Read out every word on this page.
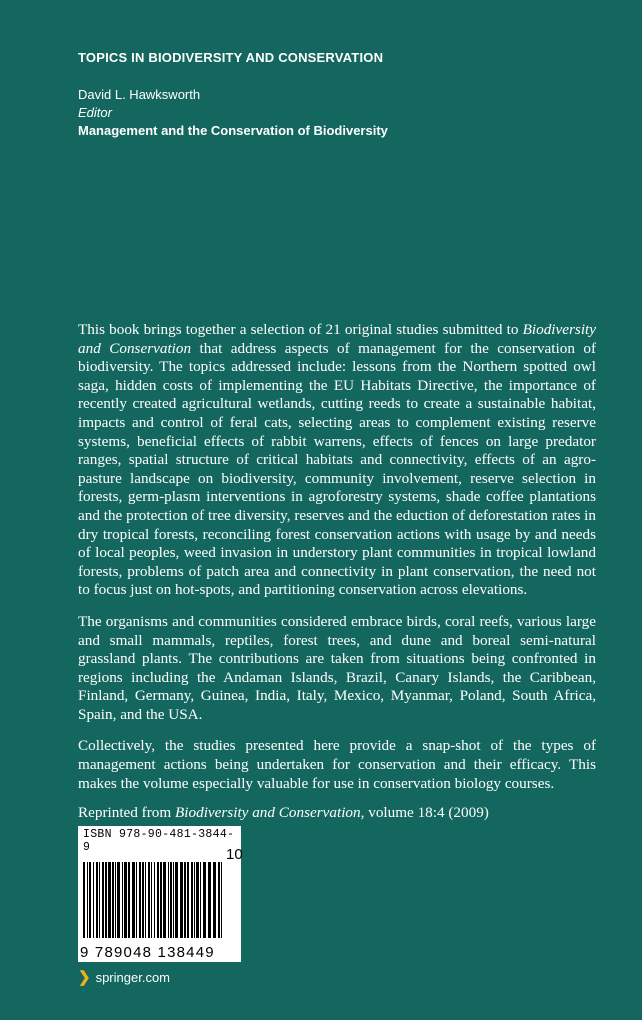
TOPICS IN BIODIVERSITY AND CONSERVATION
David L. Hawksworth
Editor
Management and the Conservation of Biodiversity

This book brings together a selection of 21 original studies submitted to Biodiversity and Conservation that address aspects of management for the conservation of biodiversity. The topics addressed include: lessons from the Northern spotted owl saga, hidden costs of implementing the EU Habitats Directive, the importance of recently created agricultural wetlands, cutting reeds to create a sustainable habitat, impacts and control of feral cats, selecting areas to complement existing reserve systems, beneficial effects of rabbit warrens, effects of fences on large predator ranges, spatial structure of critical habitats and connectivity, effects of an agro-pasture landscape on biodiversity, community involvement, reserve selection in forests, germ-plasm interventions in agroforestry systems, shade coffee plantations and the protection of tree diversity, reserves and the eduction of deforestation rates in dry tropical forests, reconciling forest conservation actions with usage by and needs of local peoples, weed invasion in understory plant communities in tropical lowland forests, problems of patch area and connectivity in plant conservation, the need not to focus just on hot-spots, and partitioning conservation across elevations.

The organisms and communities considered embrace birds, coral reefs, various large and small mammals, reptiles, forest trees, and dune and boreal semi-natural grassland plants. The contributions are taken from situations being confronted in regions including the Andaman Islands, Brazil, Canary Islands, the Caribbean, Finland, Germany, Guinea, India, Italy, Mexico, Myanmar, Poland, South Africa, Spain, and the USA.

Collectively, the studies presented here provide a snap-shot of the types of management actions being undertaken for conservation and their efficacy. This makes the volume especially valuable for use in conservation biology courses.

Reprinted from Biodiversity and Conservation, volume 18:4 (2009)
ISBN 978-90-481-3844-9	10
9 789048 138449
❯ springer.com
